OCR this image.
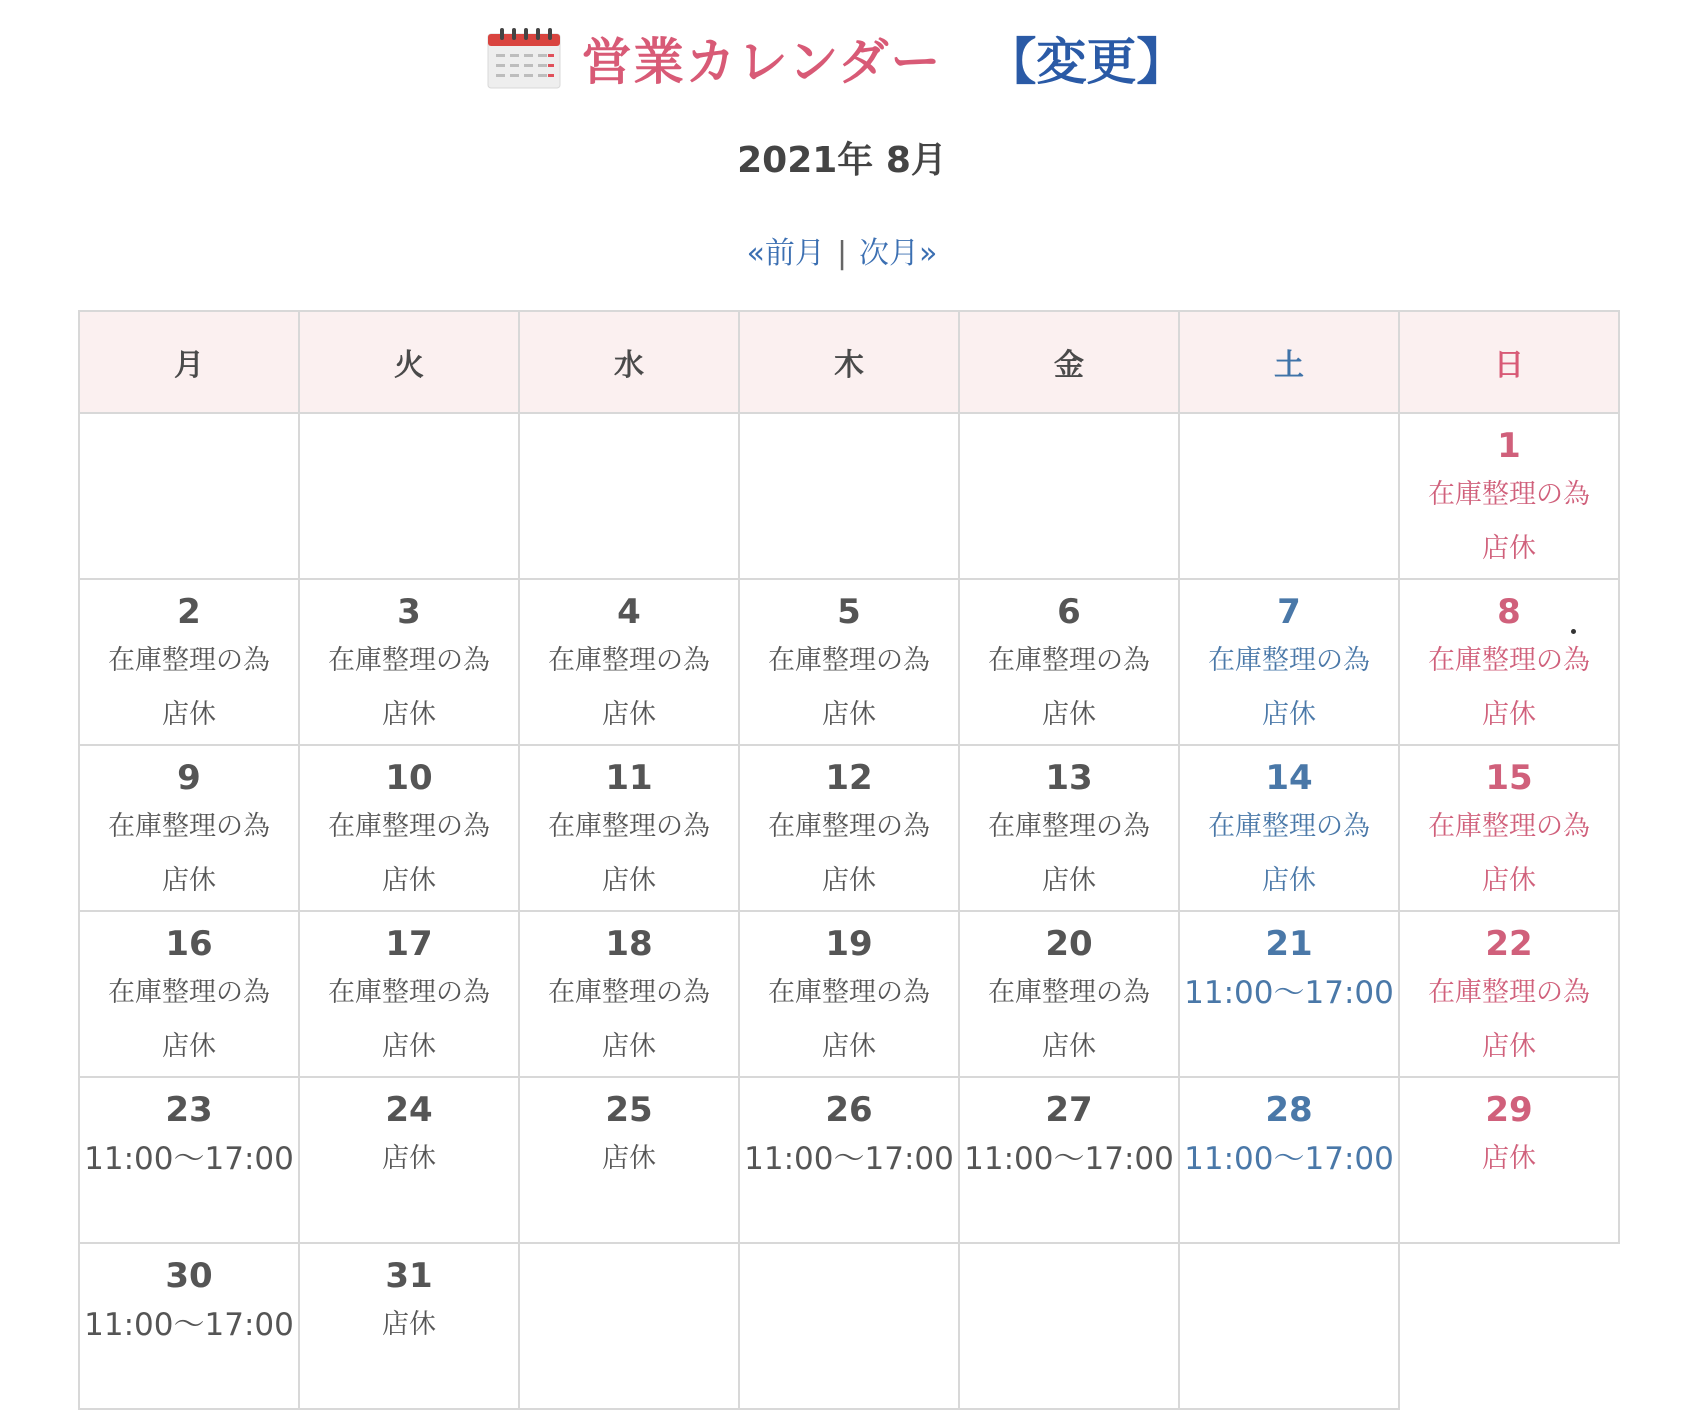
営業カレンダー 【変更】
2021年 8月
«前月 | 次月»
月	火	水	木	金	土	日

						1
在庫整理の為
店休

2
在庫整理の為
店休	3
在庫整理の為
店休	4
在庫整理の為
店休	5
在庫整理の為
店休	6
在庫整理の為
店休	7
在庫整理の為
店休	8
在庫整理の為
店休

9
在庫整理の為
店休	10
在庫整理の為
店休	11
在庫整理の為
店休	12
在庫整理の為
店休	13
在庫整理の為
店休	14
在庫整理の為
店休	15
在庫整理の為
店休

16
在庫整理の為
店休	17
在庫整理の為
店休	18
在庫整理の為
店休	19
在庫整理の為
店休	20
在庫整理の為
店休	21
11:00〜17:00	22
在庫整理の為
店休

23
11:00〜17:00	24
店休	25
店休	26
11:00〜17:00	27
11:00〜17:00	28
11:00〜17:00	29
店休

30
11:00〜17:00	31
店休					
